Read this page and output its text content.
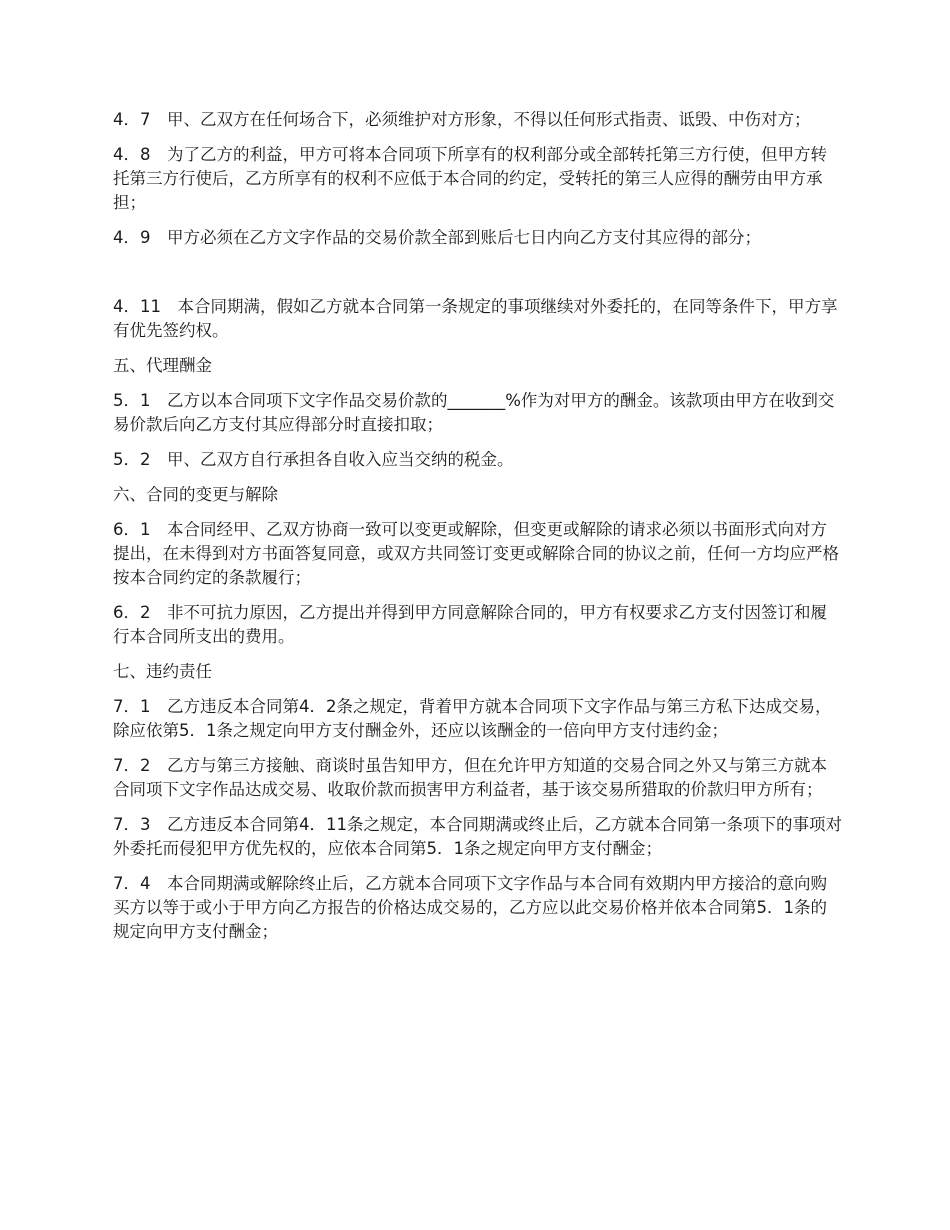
4．7　甲、乙双方在任何场合下，必须维护对方形象，不得以任何形式指责、诋毁、中伤对方；

4．8　为了乙方的利益，甲方可将本合同项下所享有的权利部分或全部转托第三方行使，但甲方转托第三方行使后，乙方所享有的权利不应低于本合同的约定，受转托的第三人应得的酬劳由甲方承担；

4．9　甲方必须在乙方文字作品的交易价款全部到账后七日内向乙方支付其应得的部分；

4．11　本合同期满，假如乙方就本合同第一条规定的事项继续对外委托的，在同等条件下，甲方享有优先签约权。

五、代理酬金

5．1　乙方以本合同项下文字作品交易价款的_______%作为对甲方的酬金。该款项由甲方在收到交易价款后向乙方支付其应得部分时直接扣取；

5．2　甲、乙双方自行承担各自收入应当交纳的税金。

六、合同的变更与解除

6．1　本合同经甲、乙双方协商一致可以变更或解除，但变更或解除的请求必须以书面形式向对方提出，在未得到对方书面答复同意，或双方共同签订变更或解除合同的协议之前，任何一方均应严格按本合同约定的条款履行；

6．2　非不可抗力原因，乙方提出并得到甲方同意解除合同的，甲方有权要求乙方支付因签订和履行本合同所支出的费用。

七、违约责任

7．1　乙方违反本合同第4．2条之规定，背着甲方就本合同项下文字作品与第三方私下达成交易，除应依第5．1条之规定向甲方支付酬金外，还应以该酬金的一倍向甲方支付违约金；

7．2　乙方与第三方接触、商谈时虽告知甲方，但在允许甲方知道的交易合同之外又与第三方就本合同项下文字作品达成交易、收取价款而损害甲方利益者，基于该交易所猎取的价款归甲方所有；

7．3　乙方违反本合同第4．11条之规定，本合同期满或终止后，乙方就本合同第一条项下的事项对外委托而侵犯甲方优先权的，应依本合同第5．1条之规定向甲方支付酬金；

7．4　本合同期满或解除终止后，乙方就本合同项下文字作品与本合同有效期内甲方接洽的意向购买方以等于或小于甲方向乙方报告的价格达成交易的，乙方应以此交易价格并依本合同第5．1条的规定向甲方支付酬金；
